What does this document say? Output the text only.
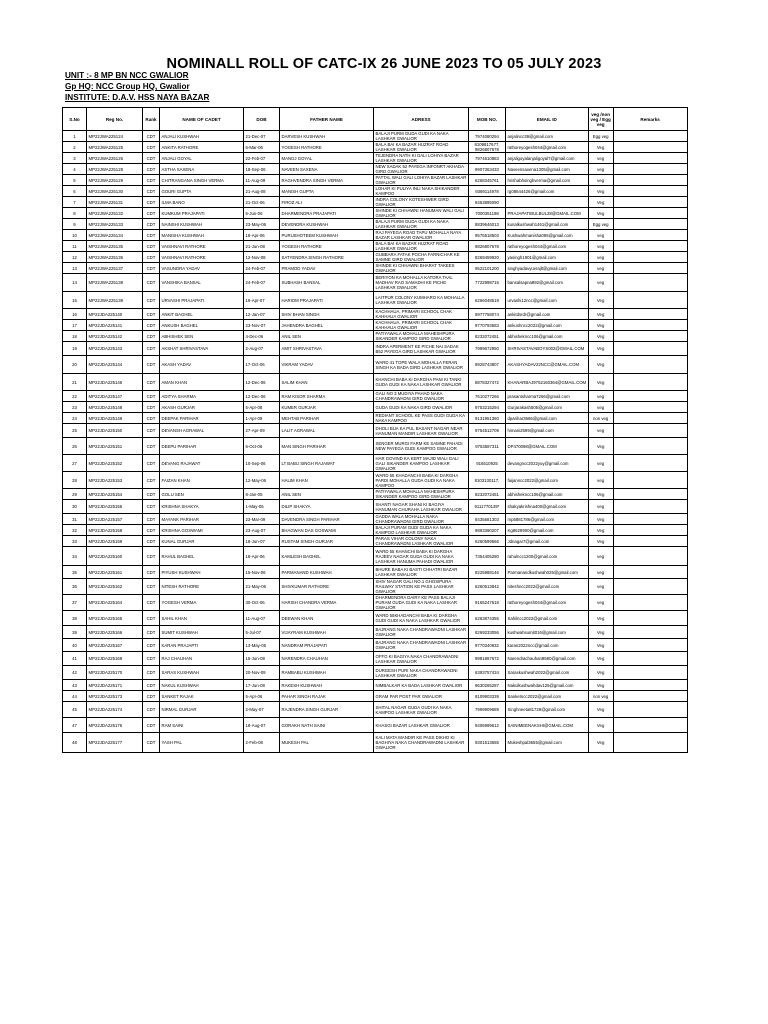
NOMINALL ROLL OF CATC-IX 26 JUNE 2023 TO 05 JULY 2023
UNIT :- 8 MP BN NCC GWALIOR
Gp HQ: NCC Group HQ, Gwalior
INSTITUTE: D.A.V. HSS NAYA BAZAR
S.No	Reg No.	Rank	NAME OF CADET	DOB	FATHER NAME	ADRESS	MOB NO.	EMAIL ID	veg /non veg / Egg veg	Remarks
1	MP22JWA225124	CDT	ANJALI KUSHWAH	21-Dec-07	DARVESH KUSHWAH	BALAJI PURM GUDA GUDI KA NAKA LASHKAR GWALIOR	7974080294	anjalincc39@gmail.com	Egg veg	
2	MP22JWA225125	CDT	ANKITA RATHORE	6-Mar-06	YOGESH RATHORE	BALA BAI KA BAZAR HUZRAT ROAD LASHKAR GWALIOR	8109817677, 9826807678	rathoreyogesh044@gmail.com	Veg	
3	MP22JWA225126	CDT	ANJALI GOYAL	22-Feb-07	MANOJ GOYAL	TEJENDRA NATH KI GALI LOHIYA BAZAR LASHKAR GWALIOR	7974610883	anjaligoyalanjaligoyal7@gmail.com	veg	
4	MP22JWA225128	CDT	ASTHA SAXENA	18-Sep-06	NAVEEN SAXENA	NEW SADAK 52 PAYEGA INFONRT AKHADA GIRD GWALIOR	9907363433	Naveensaxena1305@gmail.com	veg	
5	MP22JWA225129	CDT	CHITRANGANA SINGH VERMA	11-Aug-09	RAGHVENDRA SINGH VERMA	PATTAL WALI GALI LOHIYA BAZAR LASHKAR GWALIOR	6268345761	hrishabhsinghverma@gmail.com	veg	
6	MP22JWA225130	CDT	GOURI GUPTA	21-Aug-08	MANISH GUPTA	LOHAR KI PULIYA INLI NAKA SHIKANDER KAMPOO	9389114978	rg08644426@gmail.com	Veg	
7	MP22JWA225131	CDT	ILMA BANO	21-Oct-06	FIROZ ALI	INDRA COLONY KOTESHWER GIRD GWALIOR	8463895090		Veg	
8	MP22JWA225132	CDT	KUMKUM PRAJAPATI	5-Jun-06	DHARMENDRA PRAJAPATI	SHINDE KI CHHAWNI HANUMAN WALI GALI GWALIOR	7000351198	PRAJAPATIBULBUL28@GMAIL.COM	Veg	
9	MP22JWA225133	CDT	NAINSHI KUSHWAH	23-May-06	DEVENDRA KUSHWAH	BALAJI PURM GUDA GUDI KA NAKA LASHKAR GWALIOR	8839646013	kunalkushwah1461@gmail.com	Egg veg	
10	MP22JWA225134	CDT	MANISHA KUSHWAH	18-Apr-06	PURUSHOTEEM KUSHWAH	RAJ PAYEGA ROAD TAPU MOHALLA NAYA BAZAR LASHKAR GWALIOR	9575518503	Kushwahmanisha095@gmail.com	veg	
11	MP22JWA225135	CDT	VAISHNAVI RATHORE	21-Jun-08	YOGESH RATHORE	BALA BAI KA BAZAR HUZRAT ROAD LASHKAR GWALIOR	9826807678	rathoreyogesh044@gmail.com	veg	
12	MP22JWA225136	CDT	VAISHNAVI RATHORE	12-Nov-08	SATYENDRA SINGH RATHORE	GUBBARA FATAK POCHA FARNICHAR KE SAMNE GIRD GWALIOR	8269459920	yasingh1901@gmail.com	veg	
13	MP22JWA225137	CDT	VASUNDRA YADAV	24-Feb-07	PRAMOD YADAV	SHINDE KI CHHAWNI BHARAT TAKEES GWALIOR	9522101200	singhyadavyuvrajlt@gmail.com	veg	
14	MP22JWA225138	CDT	VANSHIKA BANSAL	24-Feb-07	SUBHASH BANSAL	BERIYON KA MOHALLA KATORA TAAL MADHAV RAO SAMADHI KE PICHE LASHKAR GWALIOR	7722998715	bansalsapna892@gmail.com	veg	
15	MP22JWA225139	CDT	URVASHI PRAJAPATI	19-Apr-07	HARIOM PRAJAPATI	LAITPUR COLONY KUMHARO KA MOHALLA LASHKAR GWALIOR	6266048519	urvashi12ncc@gmail.com	Veg	
16	MP22JDA225140	CDT	ANKIT BAGHEL	12-Jan-07	SHIV BHAN SINGH	KACHHAUA, PRIMARI SCHOOL CHAK KAHHAUA GWALIOR	8977758074	ankitdsrdr@gmail.com	Veg	
17	MP22JDA225141	CDT	ANKUSH BAGHEL	23-Nov-07	JAHENDRA BAGHEL	KACHHAUA, PRIMARI SCHOOL CHAK KAHHAUA GWALIOR	9770793583	ankushncc2022@gmail.com	Veg	
18	MP22JDA225142	CDT	ABHISHEK SEN	4-Dec-06	ANIL SEN	PATIYAWALA MOHALLA MAHESHPURA SIKANDER KAMPOO GIRD GWALIOR	8232072451	abhishekncc106@gmail.com	Veg	
19	MP22JDA225143	CDT	AKSHAT SHRIVASTAVA	2-Aug-07	AMIT SHRIVASTAVA	INDRA APERMENT KE PICHE NAI SADAK B52 PAYEGA GIRD LASHKAR GWALIOR	7999672950	SHRIVASTAVABOYS002@GMAIL.COM	Veg	
20	MP22JDA225144	CDT	AKASH YADAV	17-Oct-06	VIKRAM YADAV	WARD 41 TOPE WALA MOHALLA FERAN SINGH KA BADA GIRD LASHKAR GWALIOR	8928743807	AKASHYADAV22NCC@GMAIL.COM	Veg	
21	MP22JDA225146	CDT	AMAN KHAN	12-Dec-06	SALIM KHAN	KHANCHI BABA KI DARGHA PANI KI TANKI GUDA GUDI KA NAKA LASHKAR GWALIOR	8878327472	KHANARBAJ9752160364@GMAIL.COM	Veg	
22	MP22JDA225147	CDT	ADITYA SHARMA	12-Dec-06	RAM KISOR SHARMA	GALI NO 3 MUDIYA PAHAD NAKA CHANDRAWADNI GIRD GWALIOR	7610277266	prasantsharma7266@gmail.com	veg	
23	MP22JDA225148	CDT	AKASH GURJAR	5-Apr-08	KUMER GURJAR	GUDA GUDI KA NAKA GIRD GWALIOR	9753215294	Gurjarakash505@gmail.com	veg	
24	MP22JDA225149	CDT	DEEPAK PARIHAR	1-Apr-09	MEHTAB PARIHAR	REDIANT SCHOOL KE PASS GUDI GUDA KA NAKA KAMPOO	9131951360	dparihar3666@gmail.com	non veg	
25	MP22JDA225150	CDT	DEVANSH AGRAWAL	27-Apr-09	LALIT AGRAWAL	DHOLI BUA KA PUL BASANT NAGAR NEAR HANUMAN MANDIR LASHKAR GWALIOR	9754512709	himani2599@gmail.com	veg	
26	MP22JDA225151	CDT	DEEPU PARIHAR	6-Oct-06	MAN SINGH PARIHAR	SENGER MURGI FARM KE SAMNE PAHADI NEW PAYEGA GUDI KAMPOO GWALIOR	9753587311	DP470098@GMAIL.COM	Veg	
27	MP22JDA225152	CDT	DEVANG RAJAWAT	10-Sep-06	LT BABU SINGH RAJAWAT	HAR GOVIND KA KERT MAJID WALI GALI GALI SIKANDER KAMPOO LASHKAR GWALIOR	916510925	devangncc2022yuy@gmail.com	veg	
28	MP22JDA225153	CDT	FAIZAN KHAN	12-May-06	HALIM KHAN	WARD 55 KHADANCHI BABA KI DARGHA PARDI MOHALLA GUDA GUDI KA NAKA KAMPOO	8103130117,	faijanncc2022@gmail.com	veg	
29	MP22JDA225154	CDT	GOLU SEN	8-Jan-05	ANIL SEN	PATIYAWALA MOHALLA MAHESHPURA SIKANDER KAMPOO GIRD GWALIOR	8232072451	abhishekncc106@gmail.com	Veg	
30	MP22JDA225156	CDT	KRISHNA SHAKYA	1-May-06	DILIP SHAKYA	SHANTI NAGAR SHANI KI BAGIYA HANUMAN CHURAHA LASHKAR GWALIOR	9111770139*	shakyakrishna400@gmail.com	veg	
31	MP22JDA225157	CDT	MAYANK PARIHAR	23-Mar-09	DAVENDRA SINGH PARIHAR	GADDA WALA MOHALLA NAKA CHANDRAWADNI GIRD GWALIOR	8435681303	mp5881786@gmail.com	Veg	
32	MP22JDA225158	CDT	KRISHNA GOSWAMI	23-Aug-07	BHAGWAN DAS GOSWAMI	BALAJI PURAM GUDI GUDA KA NAKA KAMPOO LASHKAR GWALIOR	9893390207	Kg8629900@gmail.com	Veg	
33	MP22JDA225159	CDT	KUNAL GURJAR	18-Jun-07	RUSTAM SINGH GURJAR	PARAS VIHAR COLONY NAKA CHANDRAWADNI LASHKAR GWALIOR	6260599566	Jdnagar7@gmail.com	Veg	
34	MP22JDA225160	CDT	RAHUL BAGHEL	18-Apr-06	KAMLESH BAGHEL	WARD 55 KHANCHI BABA KI DARGHA RAJEEV NAGAR GUDA GUDI KA NAKA LASHKAR HANUMA PAHADI GWALIOR	7354405280	rahulncc1200@gmail.com	veg	
35	MP22JDA225161	CDT	PIYUSH KUSHWAH	15-Nov-06	PARMANAND KUSHWAH	BHURE BABA KI BASTI CHHATRI BAZAR LASHKAR GWALIOR	8225988146	Parmanandkushwah025@gmail.com	veg	
36	MP22JDA225162	CDT	NITESH RATHORE	21-May-06	SHIVKUMAR RATHORE	SHIV NAGAR GALI NO.1 GHOSIPURA RAILWAY STATION KE PASS LASHKAR GWALIOR	6260513842	niteshncc2022@gmail.com	veg	
37	MP22JDA225164	CDT	YOGESH VERMA	30-Oct-06	HARISH CHANDRA VERMA	DHARMENDRA DAIRY KE PASS BALAJI PURAM GUDA GUDI KA NAKA LASHKAR GWALIOR	9165247618	rathoreyogesh044@gmail.com	veg	
38	MP22JDA225165	CDT	SAHIL KHAN	11-Aug-07	DEEWAN KHAN	WARD 55KHADANCHI BABA KI DARGHA GUDI GUDI KA NAKA LASHKAR GWALIOR	6263874355	Sahilncc2022@gmail.com	Veg	
39	MP22JDA225166	CDT	SUMIT KUSHWAH	5-Jul-07	VIJAYRAM KUSHWAH	BAJRANG NAKA CHANDRAWADNI LASHKAR GWALIOR	8269233056	kushwahsumit016@gmail.com	Veg	
40	MP22JDA225167	CDT	KARAN PRAJAPTI	13-May-05	NANDRAM PRAJAPATI	BAJRANG NAKA CHANDRAWADNI LASHKAR GWALIOR	9770340932	karan2022ncc@gmail.com	Veg	
41	MP22JDA225169	CDT	RAJ CHAUHAN	15-Jun-08	NARENDRA CHAUHAN	OFFO KI BAGIYA NAKA CHANDRAWADNI LASHKAR GWALIOR	9981867672	Narendrachauhan8580@gmail.com	Veg	
42	MP22JDA225170	CDT	SARAS KUSHWAH	20-Nov-09	RAMBABU KUSHWAH	DURGESH PURI NAKA CHANDRAWADNI LASHKAR GWALIOR	6393757434	Saraskushwah2022@gmail.com	Veg	
43	MP22JDA225171	CDT	NAKUL KUSHWAH	17-Jun-08	RAKESH KUSHWAH	NIMBALKAR KA BADA LASHKAR GWALIOR	9630265287	Nakulkushwahdav125@gmail.com	Veg	
44	MP22JDA225173	CDT	SANKET RAJAK	5-Apr-06	PAHAR SINGH RAJAK	GRAM PAR POST PAR GWALIOR	8109903339	Sanketncc2022@gmail.com	non veg	
45	MP22JDA225174	CDT	NIRMAL GURJAR	2-May-07	RAJENDRA SINGH GURJAR	SHITAL NAGAR GUDA GUDI KA NAKA KAMPOO LASHKAR GWALIOR	7999909689	Singhneeta81729@gmail.com	Veg	
47	MP22JDA225176	CDT	RAM SAINI	18-Aug-07	GORAKH NATH SAINI	KHASGI BAZAR LASHKAR GWALIOR	9406999612	SAINIMEENAKSHI@GMAIL.COM	Veg	
48	MP22JDA225177	CDT	YASH PAL	2-Feb-08	MUKESH PAL	KALI MATA MANDIR KE PASS DIKHO KI BAGHIYA NAKA CHANDRAWADNI LASHKAR GWALIOR	9301513655	Mukeshpal3655@gmail.com	Veg	
